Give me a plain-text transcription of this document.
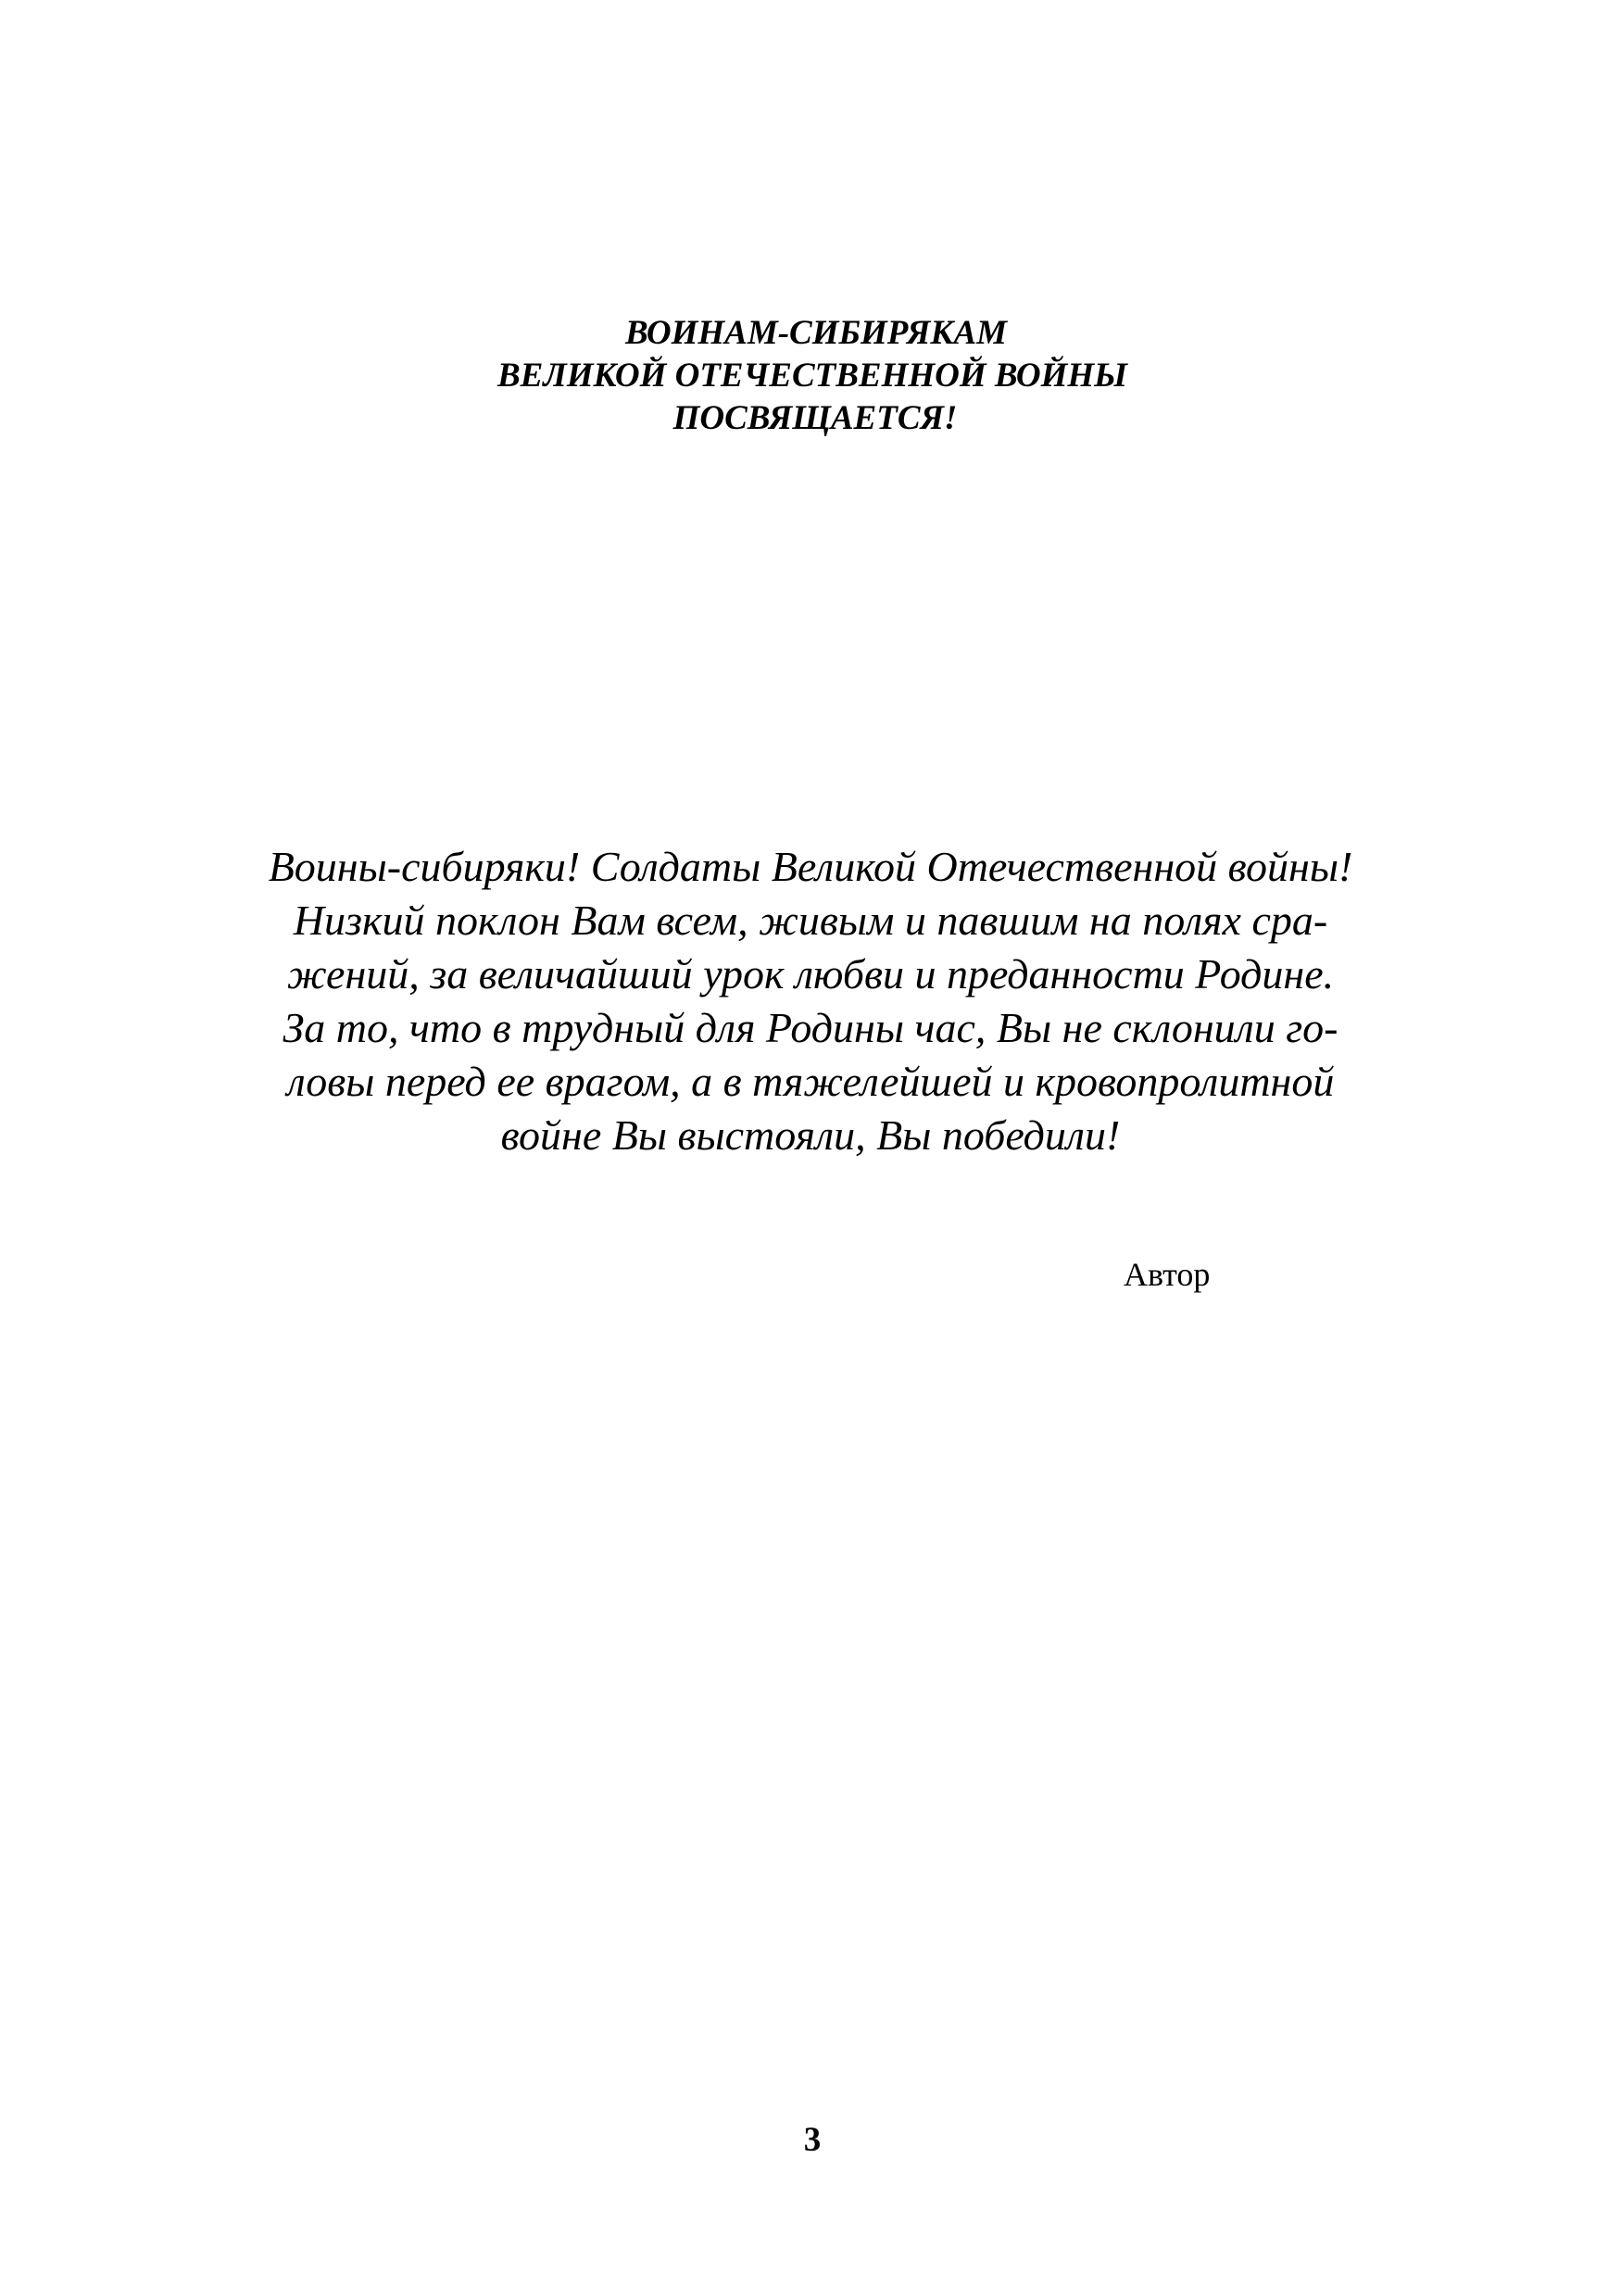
ВОИНАМ-СИБИРЯКАМ
ВЕЛИКОЙ ОТЕЧЕСТВЕННОЙ ВОЙНЫ
ПОСВЯЩАЕТСЯ!
Воины-сибиряки! Солдаты Великой Отечественной войны!
Низкий поклон Вам всем, живым и павшим на полях сра-
жений, за величайший урок любви и преданности Родине.
За то, что в трудный для Родины час, Вы не склонили го-
ловы перед ее врагом, а в тяжелейшей и кровопролитной
войне Вы выстояли, Вы победили!
Автор
3
